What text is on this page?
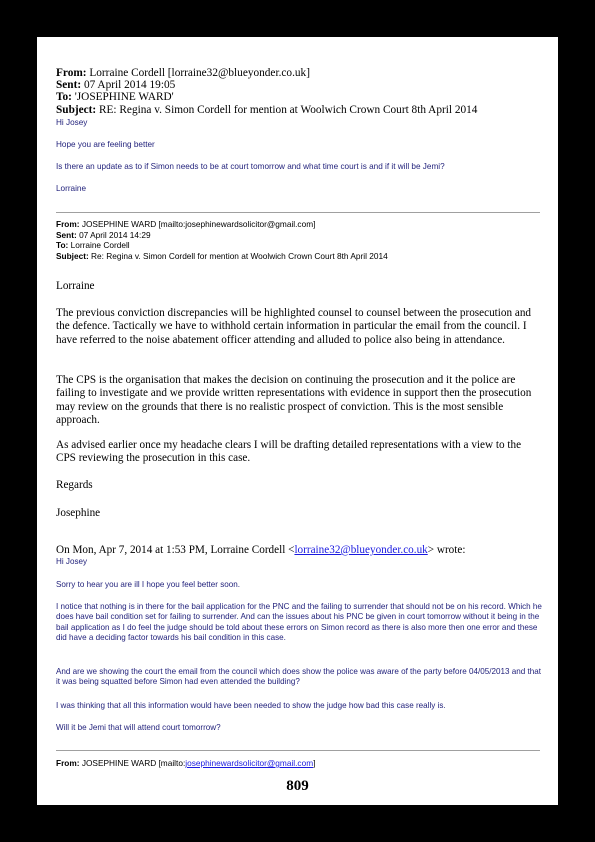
From: Lorraine Cordell [lorraine32@blueyonder.co.uk]
Sent: 07 April 2014 19:05
To: 'JOSEPHINE WARD'
Subject: RE: Regina v. Simon Cordell for mention at Woolwich Crown Court 8th April 2014
Hi Josey
Hope you are feeling better
Is there an update as to if Simon needs to be at court tomorrow and what time court is and if it will be Jemi?
Lorraine
From: JOSEPHINE WARD [mailto:josephinewardsolicitor@gmail.com]
Sent: 07 April 2014 14:29
To: Lorraine Cordell
Subject: Re: Regina v. Simon Cordell for mention at Woolwich Crown Court 8th April 2014
Lorraine
The previous conviction discrepancies will be highlighted counsel to counsel between the prosecution and the defence. Tactically we have to withhold certain information in particular the email from the council. I have referred to the noise abatement officer attending and alluded to police also being in attendance.
The CPS is the organisation that makes the decision on continuing the prosecution and it the police are failing to investigate and we provide written representations with evidence in support then the prosecution may review on the grounds that there is no realistic prospect of conviction. This is the most sensible approach.
As advised earlier once my headache clears I will be drafting detailed representations with a view to the CPS reviewing the prosecution in this case.
Regards
Josephine
On Mon, Apr 7, 2014 at 1:53 PM, Lorraine Cordell <lorraine32@blueyonder.co.uk> wrote:
Hi Josey
Sorry to hear you are ill I hope you feel better soon.
I notice that nothing is in there for the bail application for the PNC and the failing to surrender that should not be on his record. Which he does have bail condition set for failing to surrender. And can the issues about his PNC be given in court tomorrow without it being in the bail application as I do feel the judge should be told about these errors on Simon record as there is also more then one error and these did have a deciding factor towards his bail condition in this case.
And are we showing the court the email from the council which does show the police was aware of the party before 04/05/2013 and that it was being squatted before Simon had even attended the building?
I was thinking that all this information would have been needed to show the judge how bad this case really is.
Will it be Jemi that will attend court tomorrow?
From: JOSEPHINE WARD [mailto:josephinewardsolicitor@gmail.com]
809
